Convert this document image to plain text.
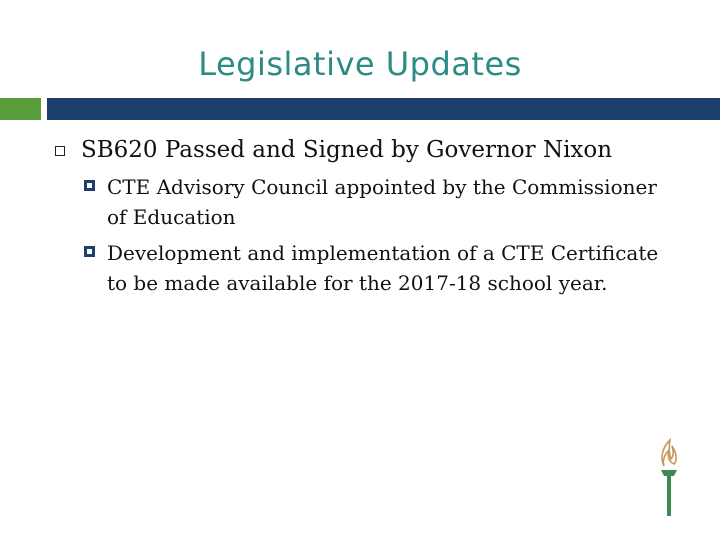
Legislative Updates
SB620 Passed and Signed by Governor Nixon
CTE Advisory Council appointed by the Commissioner of Education
Development and implementation of a CTE Certificate to be made available for the 2017-18 school year.
